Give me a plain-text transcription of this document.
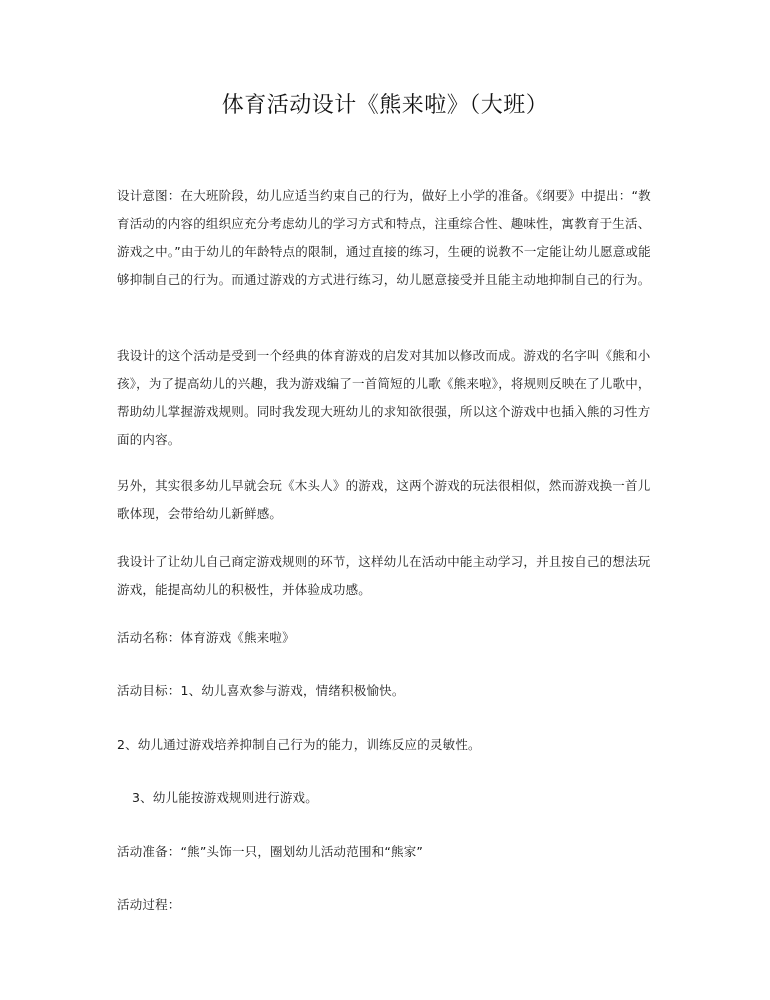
体育活动设计《熊来啦》（大班）

设计意图：在大班阶段，幼儿应适当约束自己的行为，做好上小学的准备。《纲要》中提出：“教育活动的内容的组织应充分考虑幼儿的学习方式和特点，注重综合性、趣味性，寓教育于生活、游戏之中。”由于幼儿的年龄特点的限制，通过直接的练习，生硬的说教不一定能让幼儿愿意或能够抑制自己的行为。而通过游戏的方式进行练习，幼儿愿意接受并且能主动地抑制自己的行为。

我设计的这个活动是受到一个经典的体育游戏的启发对其加以修改而成。游戏的名字叫《熊和小孩》，为了提高幼儿的兴趣，我为游戏编了一首简短的儿歌《熊来啦》，将规则反映在了儿歌中，帮助幼儿掌握游戏规则。同时我发现大班幼儿的求知欲很强，所以这个游戏中也插入熊的习性方面的内容。

另外，其实很多幼儿早就会玩《木头人》的游戏，这两个游戏的玩法很相似，然而游戏换一首儿歌体现，会带给幼儿新鲜感。

我设计了让幼儿自己商定游戏规则的环节，这样幼儿在活动中能主动学习，并且按自己的想法玩游戏，能提高幼儿的积极性，并体验成功感。

活动名称：体育游戏《熊来啦》

活动目标：1、幼儿喜欢参与游戏，情绪积极愉快。

2、幼儿通过游戏培养抑制自己行为的能力，训练反应的灵敏性。

3、幼儿能按游戏规则进行游戏。

活动准备：“熊”头饰一只，圈划幼儿活动范围和“熊家”

活动过程：
